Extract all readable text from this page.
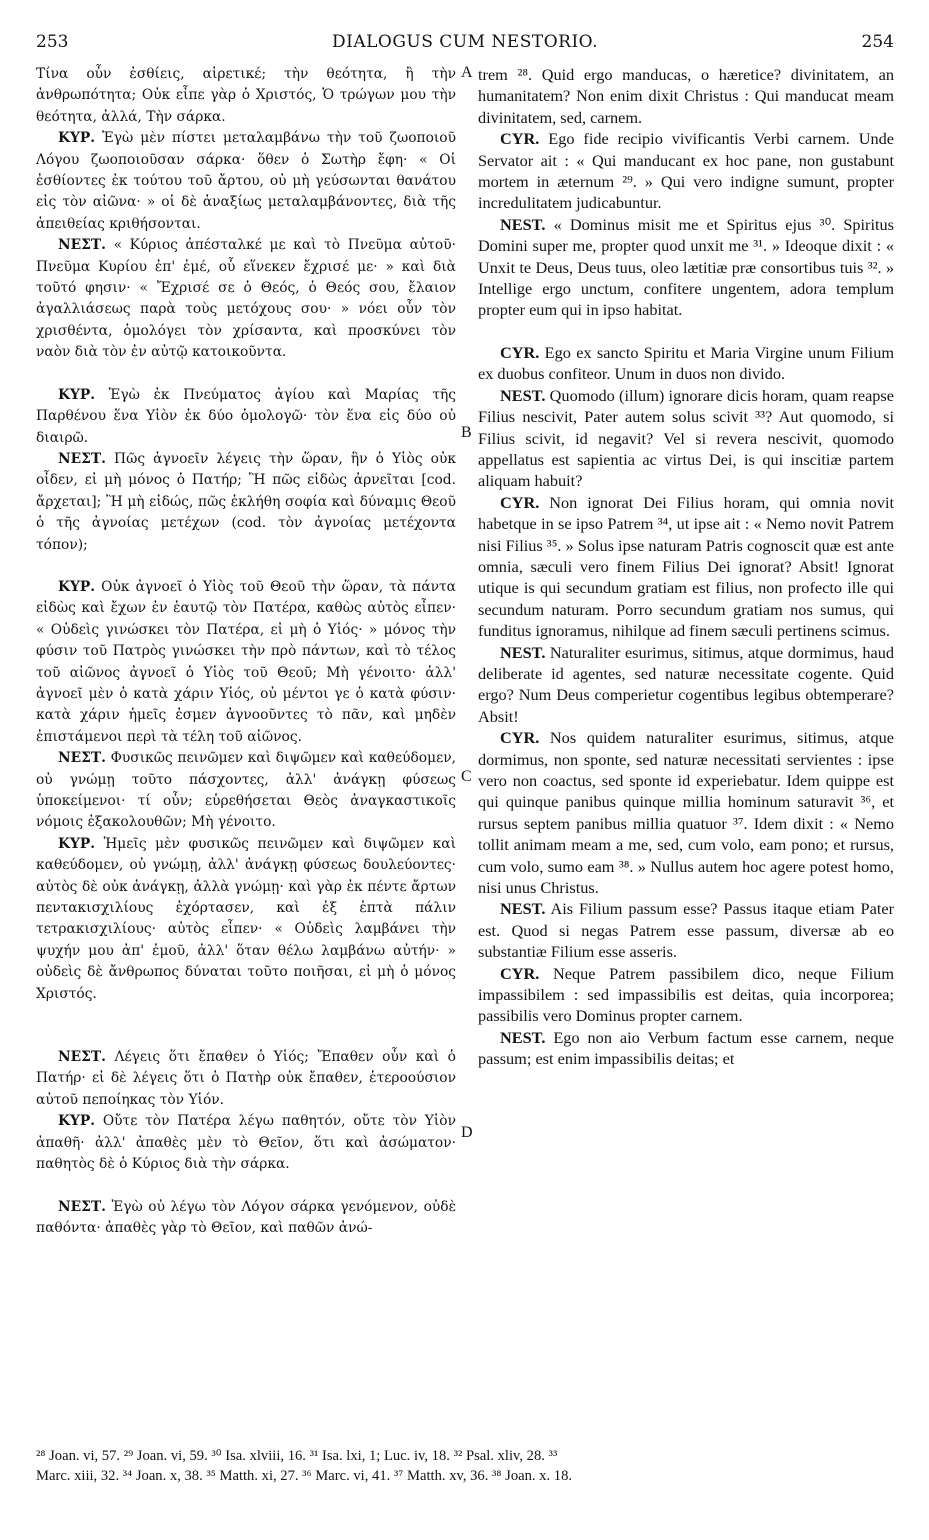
253	DIALOGUS CUM NESTORIO.	254

Τίνα οὖν ἐσθίεις, αἱρετικέ; τὴν θεότητα, ἢ τὴν ἀνθρωπότητα; Οὐκ εἶπε γὰρ ὁ Χριστός, Ὁ τρώγων μου τὴν θεότητα, ἀλλά, Τὴν σάρκα.

ΚΥΡ. Ἐγὼ μὲν πίστει μεταλαμβάνω τὴν τοῦ ζωοποιοῦ Λόγου ζωοποιοῦσαν σάρκα· ὅθεν ὁ Σωτὴρ ἔφη· « Οἱ ἐσθίοντες ἐκ τούτου τοῦ ἄρτου, οὐ μὴ γεύσωνται θανάτου εἰς τὸν αἰῶνα· » οἱ δὲ ἀναξίως μεταλαμβάνοντες, διὰ τῆς ἀπειθείας κριθήσονται.

ΝΕΣΤ. « Κύριος ἀπέσταλκέ με καὶ τὸ Πνεῦμα αὐτοῦ· Πνεῦμα Κυρίου ἐπ' ἐμέ, οὗ εἵνεκεν ἔχρισέ με· » καὶ διὰ τοῦτό φησιν· « Ἔχρισέ σε ὁ Θεός, ὁ Θεός σου, ἔλαιον ἀγαλλιάσεως παρὰ τοὺς μετόχους σου· » νόει οὖν τὸν χρισθέντα, ὁμολόγει τὸν χρίσαντα, καὶ προσκύνει τὸν ναὸν διὰ τὸν ἐν αὐτῷ κατοικοῦντα.

ΚΥΡ. Ἐγὼ ἐκ Πνεύματος ἁγίου καὶ Μαρίας τῆς Παρθένου ἕνα Υἱὸν ἐκ δύο ὁμολογῶ· τὸν ἕνα εἰς δύο οὐ διαιρῶ.

ΝΕΣΤ. Πῶς ἀγνοεῖν λέγεις τὴν ὥραν, ἣν ὁ Υἱὸς οὐκ οἶδεν, εἰ μὴ μόνος ὁ Πατήρ; Ἢ πῶς εἰδὼς ἀρνεῖται [cod. ἄρχεται]; Ἢ μὴ εἰδώς, πῶς ἐκλήθη σοφία καὶ δύναμις Θεοῦ ὁ τῆς ἀγνοίας μετέχων (cod. τὸν ἀγνοίας μετέχοντα τόπον);

ΚΥΡ. Οὐκ ἀγνοεῖ ὁ Υἱὸς τοῦ Θεοῦ τὴν ὥραν, τὰ πάντα εἰδὼς καὶ ἔχων ἐν ἑαυτῷ τὸν Πατέρα, καθὼς αὐτὸς εἶπεν· « Οὐδεὶς γινώσκει τὸν Πατέρα, εἰ μὴ ὁ Υἱός· » μόνος τὴν φύσιν τοῦ Πατρὸς γινώσκει τὴν πρὸ πάντων, καὶ τὸ τέλος τοῦ αἰῶνος ἀγνοεῖ ὁ Υἱὸς τοῦ Θεοῦ; Μὴ γένοιτο· ἀλλ' ἀγνοεῖ μὲν ὁ κατὰ χάριν Υἱός, οὐ μέντοι γε ὁ κατὰ φύσιν· κατὰ χάριν ἡμεῖς ἐσμεν ἀγνοοῦντες τὸ πᾶν, καὶ μηδὲν ἐπιστάμενοι περὶ τὰ τέλη τοῦ αἰῶνος.

ΝΕΣΤ. Φυσικῶς πεινῶμεν καὶ διψῶμεν καὶ καθεύδομεν, οὐ γνώμῃ τοῦτο πάσχοντες, ἀλλ' ἀνάγκῃ φύσεως ὑποκείμενοι· τί οὖν; εὑρεθήσεται Θεὸς ἀναγκαστικοῖς νόμοις ἐξακολουθῶν; Μὴ γένοιτο.

ΚΥΡ. Ἡμεῖς μὲν φυσικῶς πεινῶμεν καὶ διψῶμεν καὶ καθεύδομεν, οὐ γνώμῃ, ἀλλ' ἀνάγκῃ φύσεως δουλεύοντες· αὐτὸς δὲ οὐκ ἀνάγκῃ, ἀλλὰ γνώμῃ· καὶ γὰρ ἐκ πέντε ἄρτων πεντακισχιλίους ἐχόρτασεν, καὶ ἐξ ἑπτὰ πάλιν τετρακισχιλίους· αὐτὸς εἶπεν· « Οὐδεὶς λαμβάνει τὴν ψυχήν μου ἀπ' ἐμοῦ, ἀλλ' ὅταν θέλω λαμβάνω αὐτήν· » οὐδεὶς δὲ ἄνθρωπος δύναται τοῦτο ποιῆσαι, εἰ μὴ ὁ μόνος Χριστός.

ΝΕΣΤ. Λέγεις ὅτι ἔπαθεν ὁ Υἱός; Ἔπαθεν οὖν καὶ ὁ Πατήρ· εἰ δὲ λέγεις ὅτι ὁ Πατὴρ οὐκ ἔπαθεν, ἑτεροούσιον αὐτοῦ πεποίηκας τὸν Υἱόν.

ΚΥΡ. Οὔτε τὸν Πατέρα λέγω παθητόν, οὔτε τὸν Υἱὸν ἀπαθῆ· ἀλλ' ἀπαθὲς μὲν τὸ Θεῖον, ὅτι καὶ ἀσώματον· παθητὸς δὲ ὁ Κύριος διὰ τὴν σάρκα.

ΝΕΣΤ. Ἐγὼ οὐ λέγω τὸν Λόγον σάρκα γενόμενον, οὐδὲ παθόντα· ἀπαθὲς γὰρ τὸ Θεῖον, καὶ παθῶν ἀνώ-

trem ²⁸. Quid ergo manducas, o hæretice? divinitatem, an humanitatem? Non enim dixit Christus : Qui manducat meam divinitatem, sed, carnem.

CYR. Ego fide recipio vivificantis Verbi carnem. Unde Servator ait : « Qui manducant ex hoc pane, non gustabunt mortem in æternum ²⁹. » Qui vero indigne sumunt, propter incredulitatem judicabuntur.

NEST. « Dominus misit me et Spiritus ejus ³⁰. Spiritus Domini super me, propter quod unxit me ³¹. » Ideoque dixit : « Unxit te Deus, Deus tuus, oleo lætitiæ præ consortibus tuis ³². » Intellige ergo unctum, confitere ungentem, adora templum propter eum qui in ipso habitat.

CYR. Ego ex sancto Spiritu et Maria Virgine unum Filium ex duobus confiteor. Unum in duos non divido.

NEST. Quomodo (illum) ignorare dicis horam, quam reapse Filius nescivit, Pater autem solus scivit ³³? Aut quomodo, si Filius scivit, id negavit? Vel si revera nescivit, quomodo appellatus est sapientia ac virtus Dei, is qui inscitiæ partem aliquam habuit?

CYR. Non ignorat Dei Filius horam, qui omnia novit habetque in se ipso Patrem ³⁴, ut ipse ait : « Nemo novit Patrem nisi Filius ³⁵. » Solus ipse naturam Patris cognoscit quæ est ante omnia, sæculi vero finem Filius Dei ignorat? Absit! Ignorat utique is qui secundum gratiam est filius, non profecto ille qui secundum naturam. Porro secundum gratiam nos sumus, qui funditus ignoramus, nihilque ad finem sæculi pertinens scimus.

NEST. Naturaliter esurimus, sitimus, atque dormimus, haud deliberate id agentes, sed naturæ necessitate cogente. Quid ergo? Num Deus comperietur cogentibus legibus obtemperare? Absit!

CYR. Nos quidem naturaliter esurimus, sitimus, atque dormimus, non sponte, sed naturæ necessitati servientes : ipse vero non coactus, sed sponte id experiebatur. Idem quippe est qui quinque panibus quinque millia hominum saturavit ³⁶, et rursus septem panibus millia quatuor ³⁷. Idem dixit : « Nemo tollit animam meam a me, sed, cum volo, eam pono; et rursus, cum volo, sumo eam ³⁸. » Nullus autem hoc agere potest homo, nisi unus Christus.

NEST. Ais Filium passum esse? Passus itaque etiam Pater est. Quod si negas Patrem esse passum, diversæ ab eo substantiæ Filium esse asseris.

CYR. Neque Patrem passibilem dico, neque Filium impassibilem : sed impassibilis est deitas, quia incorporea; passibilis vero Dominus propter carnem.

NEST. Ego non aio Verbum factum esse carnem, neque passum; est enim impassibilis deitas; et

A
B
C
D
²⁸ Joan. vi, 57. ²⁹ Joan. vi, 59. ³⁰ Isa. xlviii, 16. ³¹ Isa. lxi, 1; Luc. iv, 18. ³² Psal. xliv, 28. ³³
Marc. xiii, 32. ³⁴ Joan. x, 38. ³⁵ Matth. xi, 27. ³⁶ Marc. vi, 41. ³⁷ Matth. xv, 36. ³⁸ Joan. x. 18.
